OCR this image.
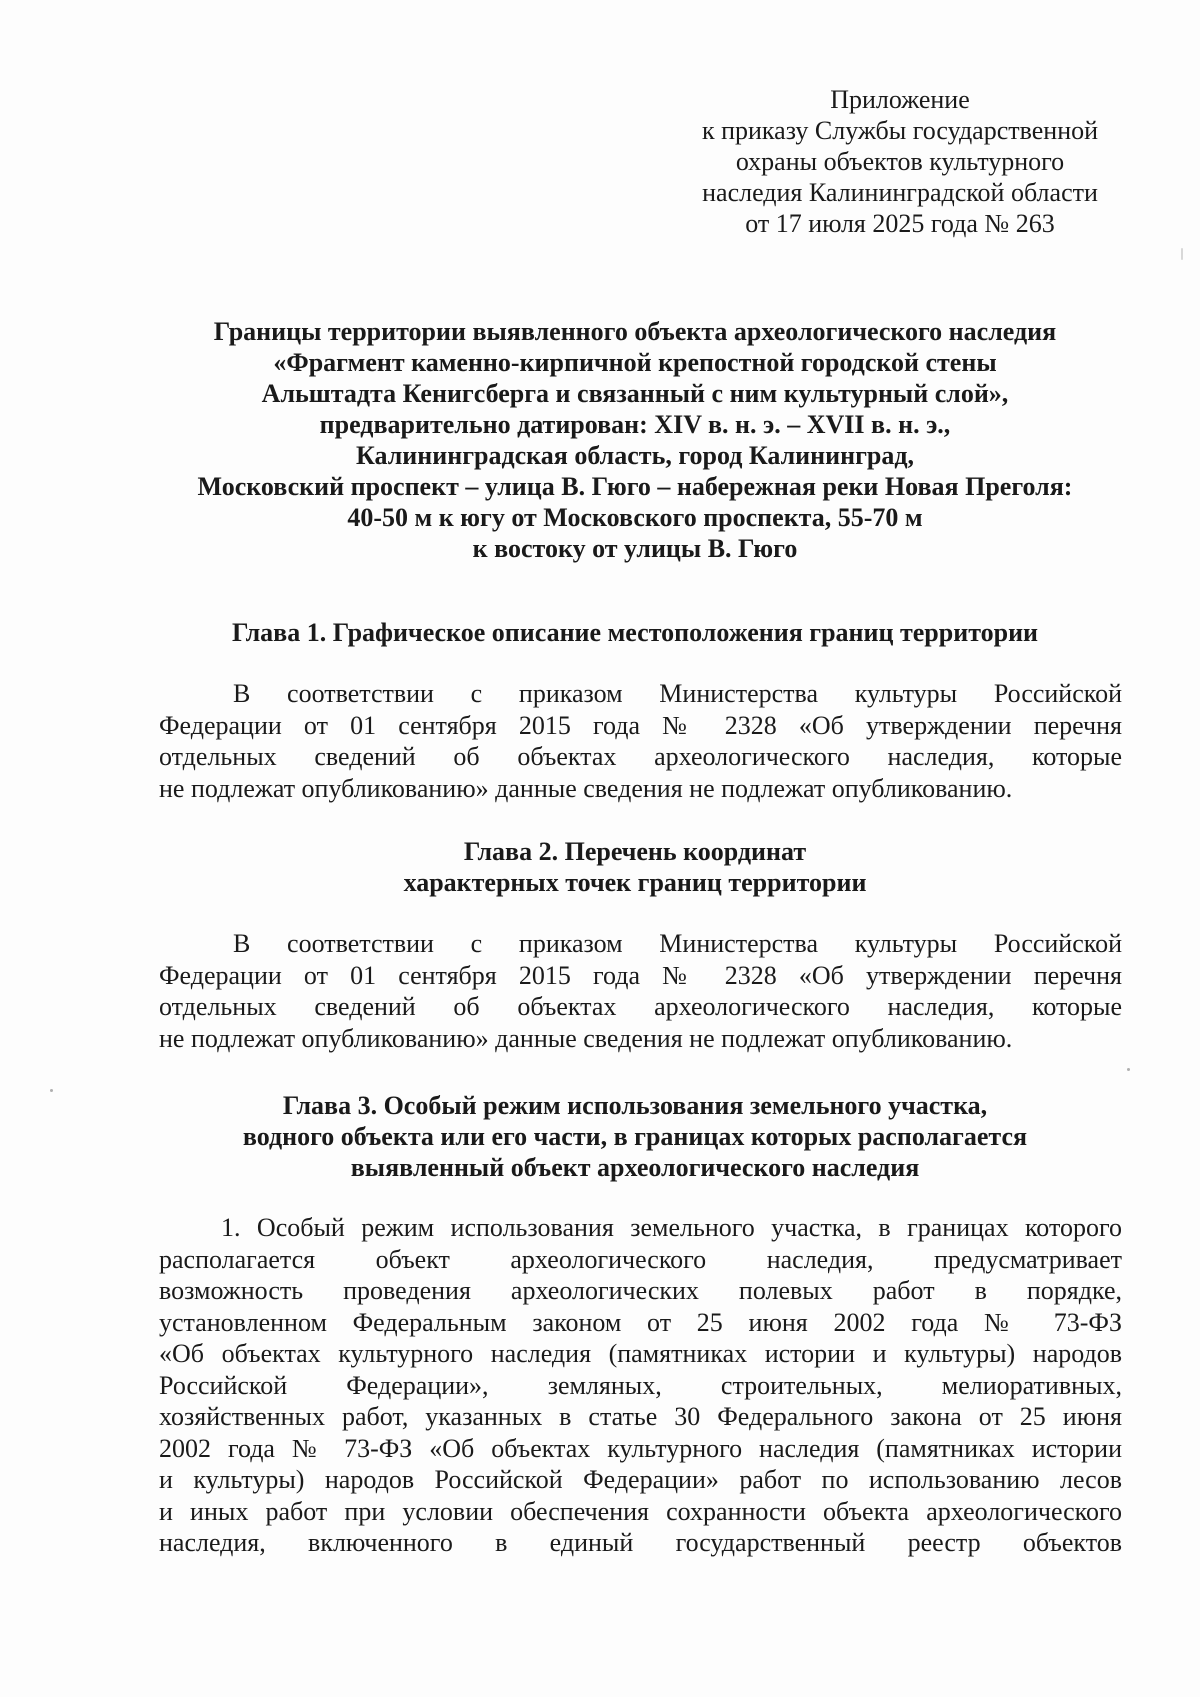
Приложение
к приказу Службы государственной
охраны объектов культурного
наследия Калининградской области
от 17 июля 2025 года № 263
Границы территории выявленного объекта археологического наследия
«Фрагмент каменно-кирпичной крепостной городской стены
Альштадта Кенигсберга и связанный с ним культурный слой»,
предварительно датирован: XIV в. н. э. – XVII в. н. э.,
Калининградская область, город Калининград,
Московский проспект – улица В. Гюго – набережная реки Новая Преголя:
40-50 м к югу от Московского проспекта, 55-70 м
к востоку от улицы В. Гюго
Глава 1. Графическое описание местоположения границ территории
В соответствии с приказом Министерства культуры Российской
Федерации от 01 сентября 2015 года № 2328 «Об утверждении перечня
отдельных сведений об объектах археологического наследия, которые
не подлежат опубликованию» данные сведения не подлежат опубликованию.
Глава 2. Перечень координат
характерных точек границ территории
В соответствии с приказом Министерства культуры Российской
Федерации от 01 сентября 2015 года № 2328 «Об утверждении перечня
отдельных сведений об объектах археологического наследия, которые
не подлежат опубликованию» данные сведения не подлежат опубликованию.
Глава 3. Особый режим использования земельного участка,
водного объекта или его части, в границах которых располагается
выявленный объект археологического наследия
1. Особый режим использования земельного участка, в границах которого
располагается объект археологического наследия, предусматривает
возможность проведения археологических полевых работ в порядке,
установленном Федеральным законом от 25 июня 2002 года № 73-ФЗ
«Об объектах культурного наследия (памятниках истории и культуры) народов
Российской Федерации», земляных, строительных, мелиоративных,
хозяйственных работ, указанных в статье 30 Федерального закона от 25 июня
2002 года № 73-ФЗ «Об объектах культурного наследия (памятниках истории
и культуры) народов Российской Федерации» работ по использованию лесов
и иных работ при условии обеспечения сохранности объекта археологического
наследия, включенного в единый государственный реестр объектов
